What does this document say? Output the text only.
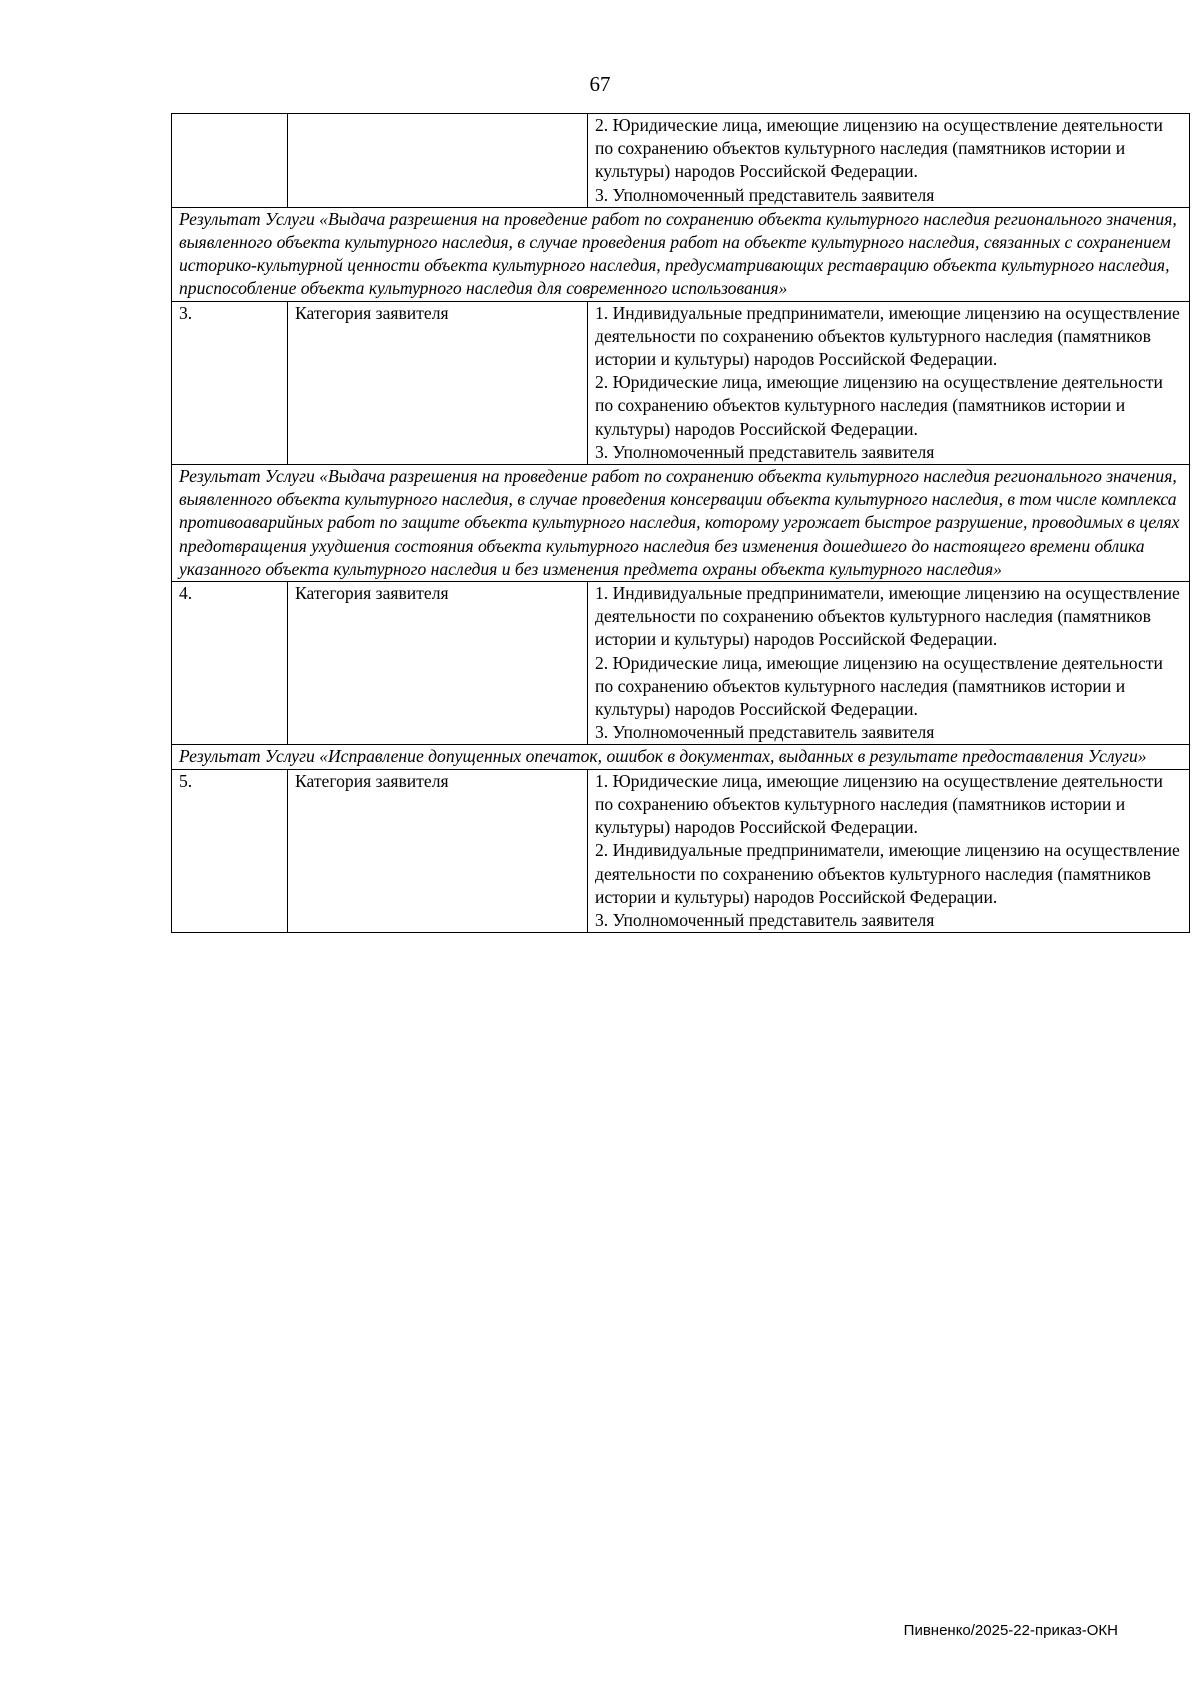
67

		2. Юридические лица, имеющие лицензию на осуществление деятельности по сохранению объектов культурного наследия (памятников истории и культуры) народов Российской Федерации.
3. Уполномоченный представитель заявителя

Результат Услуги «Выдача разрешения на проведение работ по сохранению объекта культурного наследия регионального значения, выявленного объекта культурного наследия, в случае проведения работ на объекте культурного наследия, связанных с сохранением историко-культурной ценности объекта культурного наследия, предусматривающих реставрацию объекта культурного наследия, приспособление объекта культурного наследия для современного использования»		
3.	Категория заявителя	1. Индивидуальные предприниматели, имеющие лицензию на осуществление деятельности по сохранению объектов культурного наследия (памятников истории и культуры) народов Российской Федерации.
2. Юридические лица, имеющие лицензию на осуществление деятельности по сохранению объектов культурного наследия (памятников истории и культуры) народов Российской Федерации.
3. Уполномоченный представитель заявителя

Результат Услуги «Выдача разрешения на проведение работ по сохранению объекта культурного наследия регионального значения, выявленного объекта культурного наследия, в случае проведения консервации объекта культурного наследия, в том числе комплекса противоаварийных работ по защите объекта культурного наследия, которому угрожает быстрое разрушение, проводимых в целях предотвращения ухудшения состояния объекта культурного наследия без изменения дошедшего до настоящего времени облика указанного объекта культурного наследия и без изменения предмета охраны объекта культурного наследия»		
4.	Категория заявителя	1. Индивидуальные предприниматели, имеющие лицензию на осуществление деятельности по сохранению объектов культурного наследия (памятников истории и культуры) народов Российской Федерации.
2. Юридические лица, имеющие лицензию на осуществление деятельности по сохранению объектов культурного наследия (памятников истории и культуры) народов Российской Федерации.
3. Уполномоченный представитель заявителя

Результат Услуги «Исправление допущенных опечаток, ошибок в документах, выданных в результате предоставления Услуги»		
5.	Категория заявителя	1. Юридические лица, имеющие лицензию на осуществление деятельности по сохранению объектов культурного наследия (памятников истории и культуры) народов Российской Федерации.
2. Индивидуальные предприниматели, имеющие лицензию на осуществление деятельности по сохранению объектов культурного наследия (памятников истории и культуры) народов Российской Федерации.
3. Уполномоченный представитель заявителя
Пивненко/2025-22-приказ-ОКН
